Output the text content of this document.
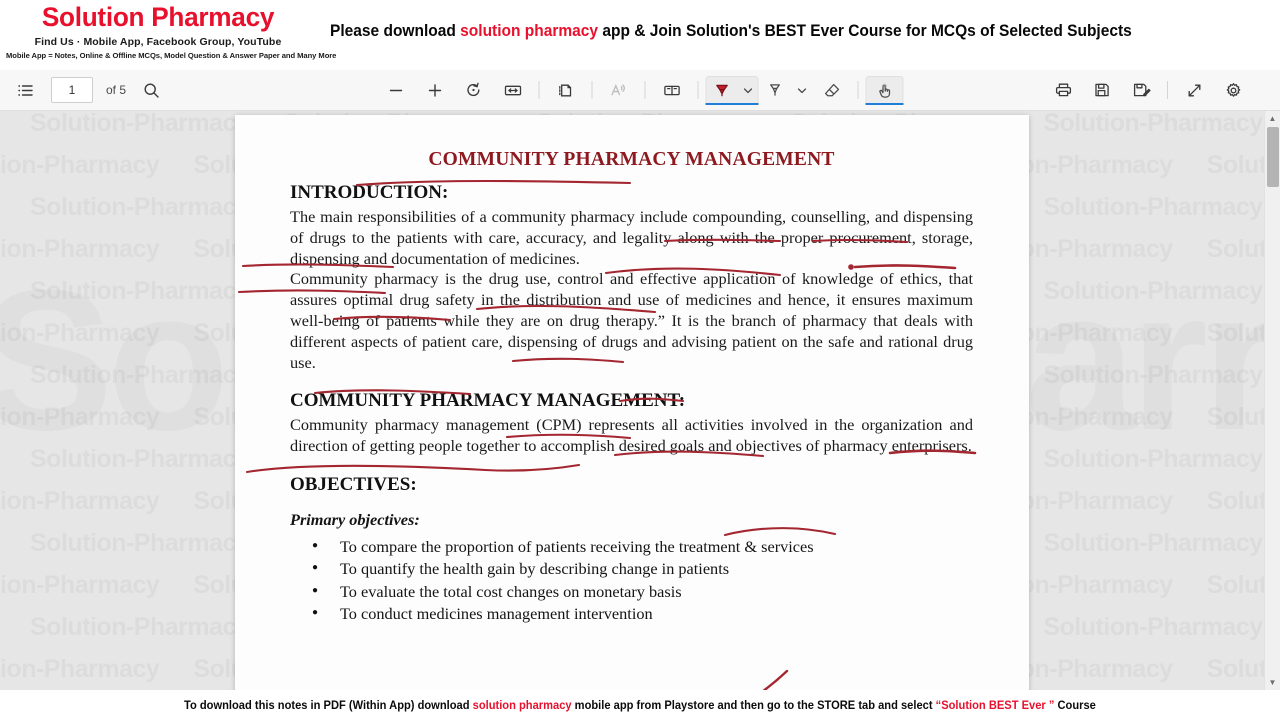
Solution Pharmacy
Find Us · Mobile App, Facebook Group, YouTube
Mobile App = Notes, Online & Offline MCQs, Model Question & Answer Paper and Many More
Please download solution pharmacy app & Join Solution's BEST Ever Course for MCQs of Selected Subjects
1
of 5
COMMUNITY PHARMACY MANAGEMENT
INTRODUCTION:
The main responsibilities of a community pharmacy include compounding, counselling, and dispensing of drugs to the patients with care, accuracy, and legality along with the proper procurement, storage, dispensing and documentation of medicines.
Community pharmacy is the drug use, control and effective application of knowledge of ethics, that assures optimal drug safety in the distribution and use of medicines and hence, it ensures maximum well-being of patients while they are on drug therapy.” It is the branch of pharmacy that deals with different aspects of patient care, dispensing of drugs and advising patient on the safe and rational drug use.
COMMUNITY PHARMACY MANAGEMENT:
Community pharmacy management (CPM) represents all activities involved in the organization and direction of getting people together to accomplish desired goals and objectives of pharmacy enterprisers.
OBJECTIVES:
Primary objectives:
● To compare the proportion of patients receiving the treatment & services
● To quantify the health gain by describing change in patients
● To evaluate the total cost changes on monetary basis
● To conduct medicines management intervention
▲
▼
To download this notes in PDF (Within App) download solution pharmacy mobile app from Playstore and then go to the STORE tab and select “Solution BEST Ever ” Course
